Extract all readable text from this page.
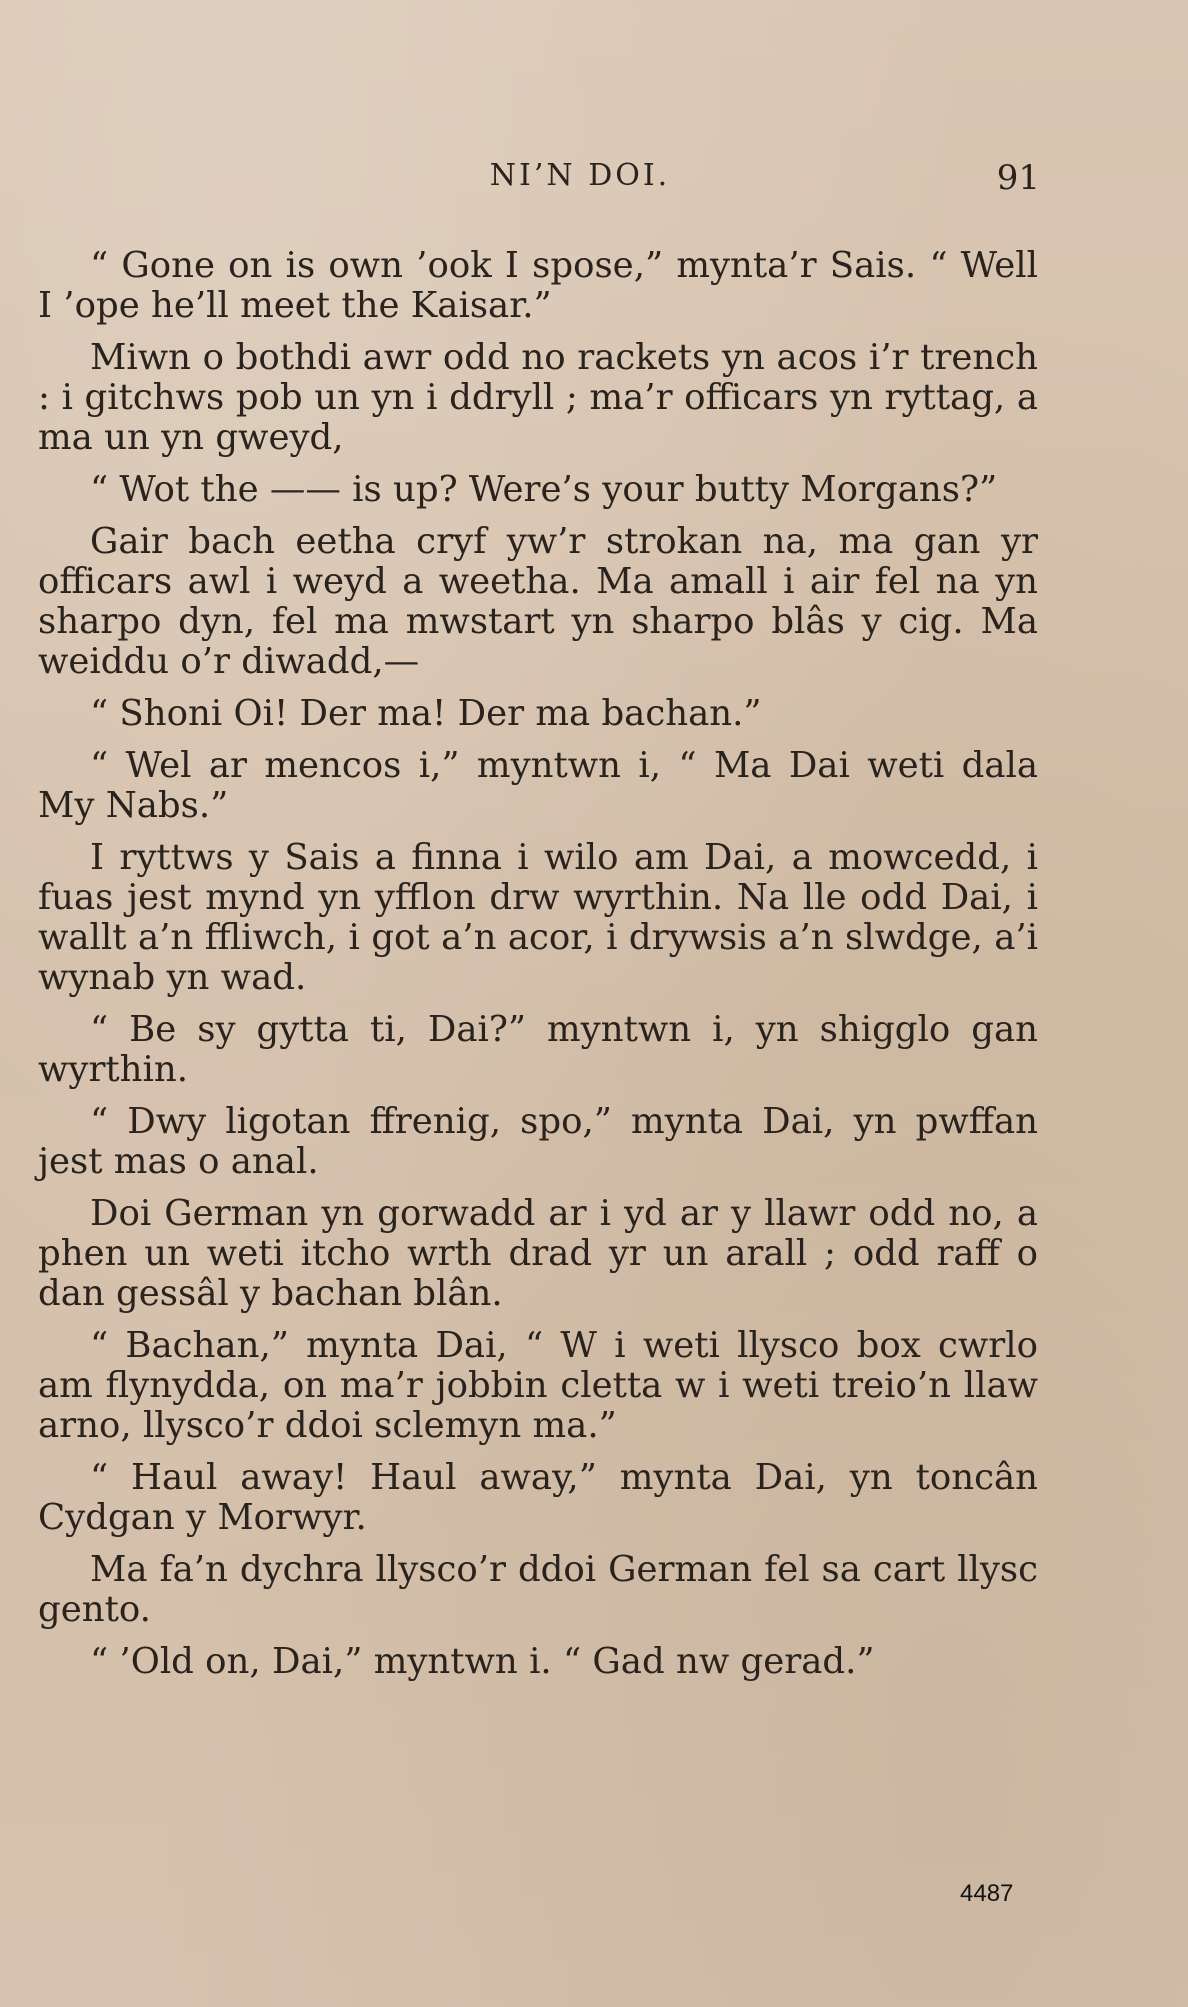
NI’N DOI.	91

“ Gone on is own ’ook I spose,” mynta’r Sais. “ Well I ’ope he’ll meet the Kaisar.”

Miwn o bothdi awr odd no rackets yn acos i’r trench : i gitchws pob un yn i ddryll ; ma’r officars yn ryttag, a ma un yn gweyd,

“ Wot the —— is up? Were’s your butty Morgans?”

Gair bach eetha cryf yw’r strokan na, ma gan yr officars awl i weyd a weetha. Ma amall i air fel na yn sharpo dyn, fel ma mwstart yn sharpo blâs y cig. Ma weiddu o’r diwadd,—

“ Shoni Oi! Der ma! Der ma bachan.”

“ Wel ar mencos i,” myntwn i, “ Ma Dai weti dala My Nabs.”

I ryttws y Sais a finna i wilo am Dai, a mowcedd, i fuas jest mynd yn yfflon drw wyrthin. Na lle odd Dai, i wallt a’n ffliwch, i got a’n acor, i drywsis a’n slwdge, a’i wynab yn wad.

“ Be sy gytta ti, Dai?” myntwn i, yn shigglo gan wyrthin.

“ Dwy ligotan ffrenig, spo,” mynta Dai, yn pwffan jest mas o anal.

Doi German yn gorwadd ar i yd ar y llawr odd no, a phen un weti itcho wrth drad yr un arall ; odd raff o dan gessâl y bachan blân.

“ Bachan,” mynta Dai, “ W i weti llysco box cwrlo am flynydda, on ma’r jobbin cletta w i weti treio’n llaw arno, llysco’r ddoi sclemyn ma.”

“ Haul away! Haul away,” mynta Dai, yn toncân Cydgan y Morwyr.

Ma fa’n dychra llysco’r ddoi German fel sa cart llysc gento.

“ ’Old on, Dai,” myntwn i. “ Gad nw gerad.”

4487
